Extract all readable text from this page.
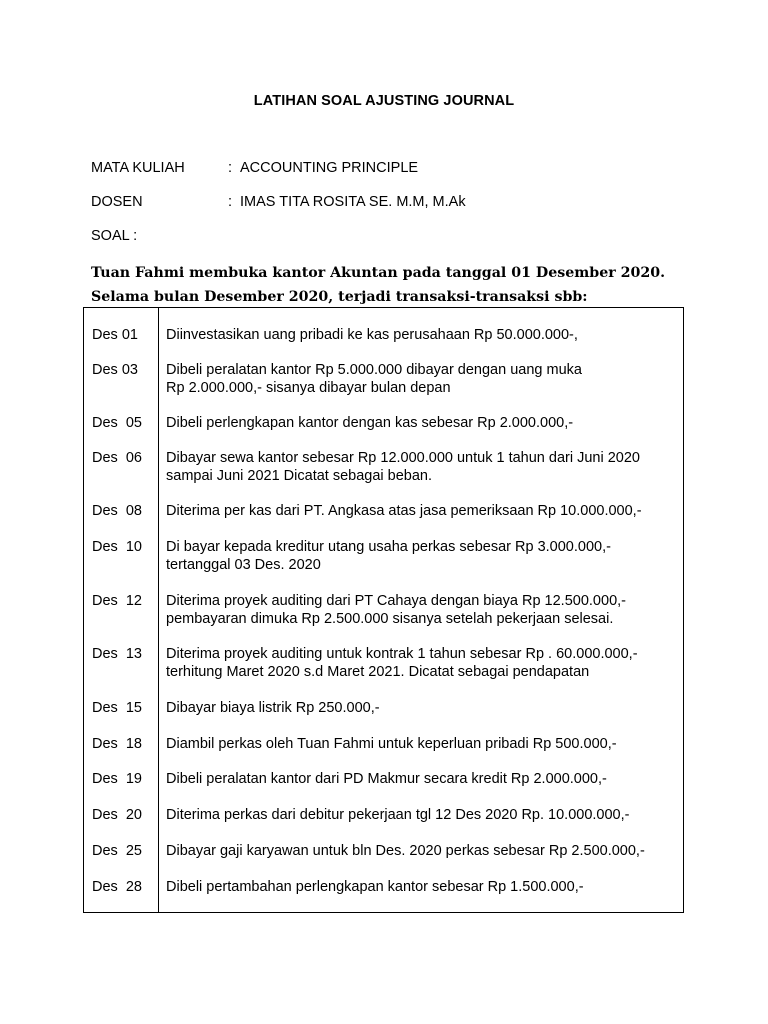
LATIHAN SOAL AJUSTING JOURNAL
MATA KULIAH	: ACCOUNTING PRINCIPLE
DOSEN	: IMAS TITA ROSITA SE. M.M, M.Ak
SOAL :
Tuan Fahmi membuka kantor Akuntan pada tanggal 01 Desember 2020.
Selama bulan Desember 2020, terjadi transaksi-transaksi sbb:
Des 01 Diinvestasikan uang pribadi ke kas perusahaan Rp 50.000.000-,
Des 03 Dibeli peralatan kantor Rp 5.000.000 dibayar dengan uang muka
Rp 2.000.000,- sisanya dibayar bulan depan
Des  05 Dibeli perlengkapan kantor dengan kas sebesar Rp 2.000.000,-
Des  06 Dibayar sewa kantor sebesar Rp 12.000.000 untuk 1 tahun dari Juni 2020
sampai Juni 2021 Dicatat sebagai beban.
Des  08 Diterima per kas dari PT. Angkasa atas jasa pemeriksaan Rp 10.000.000,-
Des  10 Di bayar kepada kreditur utang usaha perkas sebesar Rp 3.000.000,-
tertanggal 03 Des. 2020
Des  12 Diterima proyek auditing dari PT Cahaya dengan biaya Rp 12.500.000,-
pembayaran dimuka Rp 2.500.000 sisanya setelah pekerjaan selesai.
Des  13 Diterima proyek auditing untuk kontrak 1 tahun sebesar Rp . 60.000.000,-
terhitung Maret 2020 s.d Maret 2021. Dicatat sebagai pendapatan
Des  15 Dibayar biaya listrik Rp 250.000,-
Des  18 Diambil perkas oleh Tuan Fahmi untuk keperluan pribadi Rp 500.000,-
Des  19 Dibeli peralatan kantor dari PD Makmur secara kredit Rp 2.000.000,-
Des  20 Diterima perkas dari debitur pekerjaan tgl 12 Des 2020 Rp. 10.000.000,-
Des  25 Dibayar gaji karyawan untuk bln Des. 2020 perkas sebesar Rp 2.500.000,-
Des  28 Dibeli pertambahan perlengkapan kantor sebesar Rp 1.500.000,-
